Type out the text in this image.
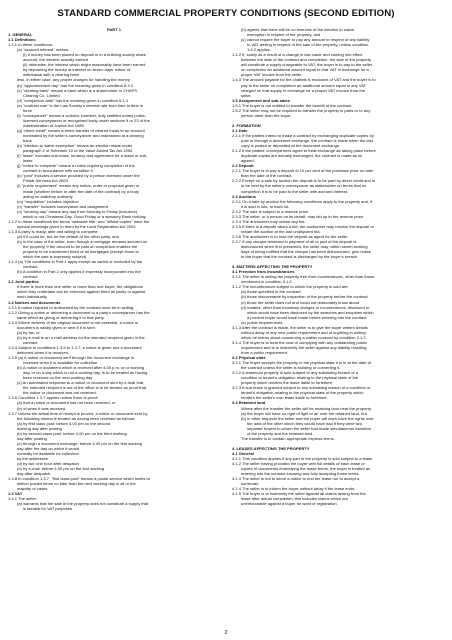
STANDARD COMMERCIAL PROPERTY CONDITIONS (SECOND EDITION)
PART 1
1. GENERAL
1.1 Definitions
1.1.1 In these conditions:
(a) "accrued interest" means:
(i) if money has been placed on deposit or in a building society share
account, the interest actually earned
(ii) otherwise, the interest which might reasonably have been earned
by depositing the money at interest on seven days' notice of
withdrawal with a clearing bank
less, in either case, any proper charges for handling the money
(b) "apportionment day" has the meaning given in condition 8.3.2
(c) "clearing bank" means a bank which is a shareholder in CHAPS
Clearing Co. Limited
(d) "completion date" has the meaning given in condition 6.1.1
(e) "contract rate" is the Law Society's interest rate from time to time in
force
(f) "conveyancer" means a solicitor, barrister, duly certified notary public,
licensed conveyancer or recognised body under sections 9 or 23 of the
Administration of Justice Act 1985
(g) "direct credit" means a direct transfer of cleared funds to an account
nominated by the seller's conveyancer and maintained at a clearing
bank
(h) "election to waive exemption" means an election made under
paragraph 2 of Schedule 10 to the Value Added Tax Act 1994
(i) "lease" includes sub-lease, tenancy and agreement for a lease or sub-
lease
(j) "notice to complete" means a notice requiring completion of the
contract in accordance with condition 9
(k) "post" includes a service provided by a person licensed under the
Postal Services Act 2000
(l) "public requirement" means any notice, order or proposal given or
made (whether before or after the date of the contract) by a body
acting on statutory authority
(m) "requisition" includes objection
(n) "transfer" includes conveyance and assignment
(o) "working day" means any day from Monday to Friday (inclusive)
which is not Christmas Day, Good Friday or a statutory Bank Holiday.
1.1.2 In these conditions the terms "absolute title" and "official copies" have the
special meanings given to them by the Land Registration Act 2002.
1.1.3 A party is ready, able and willing to complete:
(a) if it could be, but for the default of the other party, and
(b) in the case of the seller, even though a mortgage remains secured on
the property, if the amount to be paid on completion enables the
property to be transferred freed of all mortgages (except those to
which the sale is expressly subject).
1.1.4 (a) The conditions in Part 1 apply except as varied or excluded by the
contract.
(b) A condition in Part 2 only applies if expressly incorporated into the
contract.
1.2 Joint parties
If there is more than one seller or more than one buyer, the obligations
which they undertake can be enforced against them all jointly or against
each individually.
1.3 Notices and documents
1.3.1 A notice required or authorised by the contract must be in writing.
1.3.2 Giving a notice or delivering a document to a party's conveyancer has the
same effect as giving or delivering it to that party.
1.3.3 Where delivery of the original document is not essential, a notice or
document is validly given or sent if it is sent:
(a) by fax, or
(b) by e-mail to an e-mail address for the intended recipient given in the
contract.
1.3.4 Subject to conditions 1.3.5 to 1.3.7, a notice is given and a document
delivered when it is received.
1.3.5 (a) A notice or document sent through the document exchange is
received when it is available for collection
(b) A notice or document which is received after 4.00 p.m. on a working
day, or on a day which is not a working day, is to be treated as having
been received on the next working day
(c) An automated response to a notice or document sent by e-mail that
the intended recipient is out of the office is to be treated as proof that
the notice or document was not received.
1.3.6 Condition 1.3.7 applies unless there is proof:
(a) that a notice or document has not been received, or
(b) of when it was received.
1.3.7 Unless the actual time of receipt is proved, a notice or document sent by
the following means is treated as having been received as follows:
(a) by first class post: before 4.00 pm on the second
working day after posting
(b) by second-class post: before 4.00 pm on the third working
day after posting
(c) through a document exchange: before 4.00 pm on the first working
day after the day on which it would
normally be available for collection
by the addressee
(d) by fax: one hour after despatch
(e) by e-mail: before 4.00 pm on the first working
day after despatch.
1.3.8 In condition 1.3.7, "first class post" means a postal service which seeks to
deliver posted items no later than the next working day in all or the
majority of cases.
1.4 VAT
1.4.1 The seller:
(a) warrants that the sale of the property does not constitute a supply that
is taxable for VAT purposes
(b) agrees that there will be no exercise of the election to waive
exemption in respect of the property, and
(c) cannot require the buyer to pay any amount in respect of any liability
to VAT arising in respect of the sale of the property, unless condition
1.4.2 applies.
1.4.2 If, solely as a result of a change in law made and coming into effect
between the date of the contract and completion, the sale of the property
will constitute a supply chargeable to VAT, the buyer is to pay to the seller
on completion an additional amount equal to that VAT in exchange for a
proper VAT invoice from the seller.
1.4.3 The amount payable for the chattels is exclusive of VAT and the buyer is to
pay to the seller on completion an additional amount equal to any VAT
charged on that supply in exchange for a proper VAT invoice from the
seller.
1.5 Assignment and sub-sales
1.5.1 The buyer is not entitled to transfer the benefit of the contract.
1.5.2 The seller may not be required to transfer the property in parts or to any
person other than the buyer.
2. FORMATION
2.1 Date
2.1.1 If the parties intend to make a contract by exchanging duplicate copies by
post or through a document exchange, the contract is made when the last
copy is posted or deposited at the document exchange.
2.1.2 If the parties' conveyancers agree to treat exchange as taking place before
duplicate copies are actually exchanged, the contract is made as so
agreed.
2.2 Deposit
2.2.1 The buyer is to pay a deposit of 10 per cent of the purchase price no later
than the date of the contract.
2.2.2 Except on a sale by auction the deposit is to be paid by direct credit and is
to be held by the seller's conveyancer as stakeholder on terms that on
completion it is to be paid to the seller with accrued interest.
2.3 Auctions
2.3.1 On a sale by auction the following conditions apply to the property and, if
it is sold in lots, to each lot.
2.3.2 The sale is subject to a reserve price.
2.3.3 The seller, or a person on its behalf, may bid up to the reserve price.
2.3.4 The auctioneer may refuse any bid.
2.3.5 If there is a dispute about a bid, the auctioneer may resolve the dispute or
restart the auction at the last undisputed bid.
2.3.6 The auctioneer is to hold the deposit as agent for the seller.
2.3.7 If any cheque tendered in payment of all or part of the deposit is
dishonoured when first presented, the seller may, within seven working
days of being notified that the cheque has been dishonoured, give notice
to the buyer that the contract is discharged by the buyer's breach.
3. MATTERS AFFECTING THE PROPERTY
3.1 Freedom from incumbrances
3.1.1 The seller is selling the property free from incumbrances, other than those
mentioned in condition 3.1.2.
3.1.2 The incumbrances subject to which the property is sold are:
(a) those specified in the contract
(b) those discoverable by inspection of the property before the contract
(c) those the seller does not and could not reasonably know about
(d) matters, other than monetary charges or incumbrances, disclosed or
which would have been disclosed by the searches and enquiries which
a prudent buyer would have made before entering into the contract
(e) public requirements.
3.1.3 After the contract is made, the seller is to give the buyer written details
without delay of any new public requirement and of anything in writing
which he learns about concerning a matter covered by condition 3.1.2.
3.1.4 The buyer is to bear the cost of complying with any outstanding public
requirement and is to indemnify the seller against any liability resulting
from a public requirement.
3.2 Physical state
3.2.1 The buyer accepts the property in the physical state it is in at the date of
the contract unless the seller is building or converting it.
3.2.2 A leasehold property is sold subject to any subsisting breach of a
condition or tenant's obligation relating to the physical state of the
property which renders the lease liable to forfeiture.
3.2.3 A sub-lease is granted subject to any subsisting breach of a condition or
tenant's obligation relating to the physical state of the property which
renders the seller's own lease liable to forfeiture.
3.3 Retained land
Where after the transfer the seller will be retaining land near the property:
(a) the buyer will have no right of light or air over the retained land, but
(b) in other respects the seller and the buyer will each have the rights over
the land of the other which they would have had if they were two
separate buyers to whom the seller had made simultaneous transfers
of the property and the retained land.
The transfer is to contain appropriate express terms.
4. LEASES AFFECTING THE PROPERTY
4.1 General
4.1.1 This condition applies if any part of the property is sold subject to a lease.
4.1.2 The seller having provided the buyer with full details of each lease or
copies of documents embodying the lease terms, the buyer is treated as
entering into the contract knowing and fully accepting those terms.
4.1.3 The seller is not to serve a notice to end the lease nor to accept a
surrender.
4.1.4 The seller is to inform the buyer without delay if the lease ends.
4.1.5 The buyer is to indemnify the seller against all claims arising from the
lease after actual completion; this includes claims which are
unenforceable against a buyer for want of registration.
2
